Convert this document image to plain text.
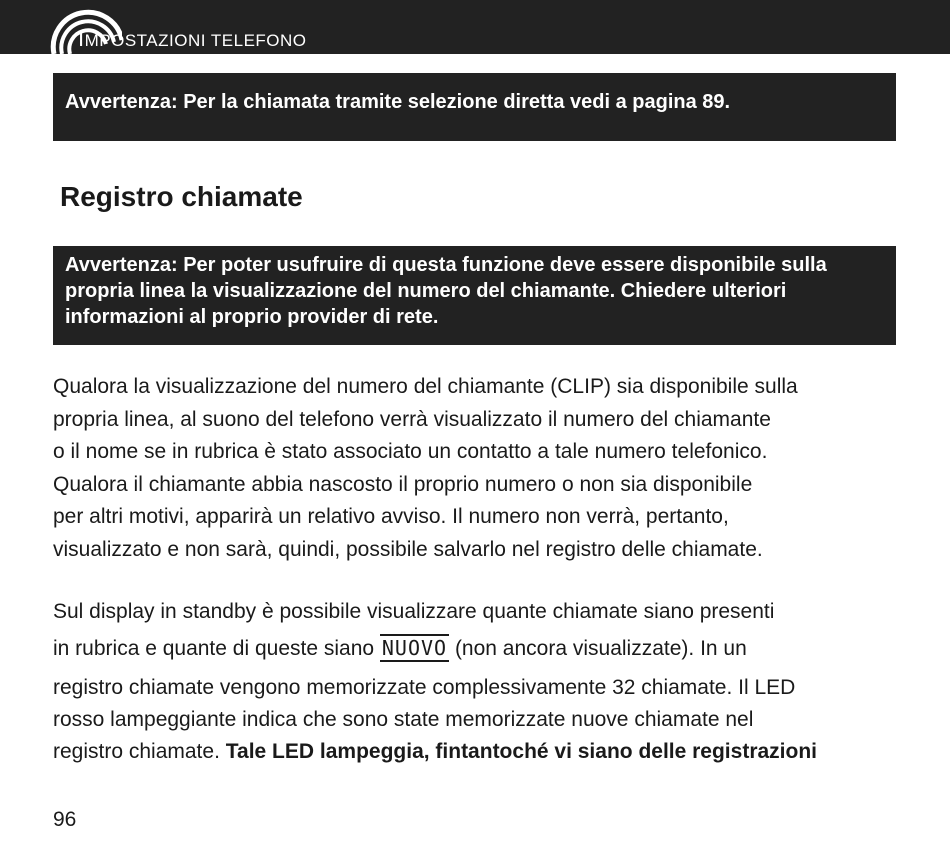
IMPOSTAZIONI TELEFONO
Avvertenza: Per la chiamata tramite selezione diretta vedi a pagina 89.
Registro chiamate
Avvertenza: Per poter usufruire di questa funzione deve essere disponibile sulla propria linea la visualizzazione del numero del chiamante. Chiedere ulteriori informazioni al proprio provider di rete.
Qualora la visualizzazione del numero del chiamante (CLIP) sia disponibile sulla
propria linea, al suono del telefono verrà visualizzato il numero del chiamante
o il nome se in rubrica è stato associato un contatto a tale numero telefonico.
Qualora il chiamante abbia nascosto il proprio numero o non sia disponibile
per altri motivi, apparirà un relativo avviso. Il numero non verrà, pertanto,
visualizzato e non sarà, quindi, possibile salvarlo nel registro delle chiamate.
Sul display in standby è possibile visualizzare quante chiamate siano presenti
in rubrica e quante di queste siano NUOVO (non ancora visualizzate). In un
registro chiamate vengono memorizzate complessivamente 32 chiamate. Il LED
rosso lampeggiante indica che sono state memorizzate nuove chiamate nel
registro chiamate. Tale LED lampeggia, fintantoché vi siano delle registrazioni
96
